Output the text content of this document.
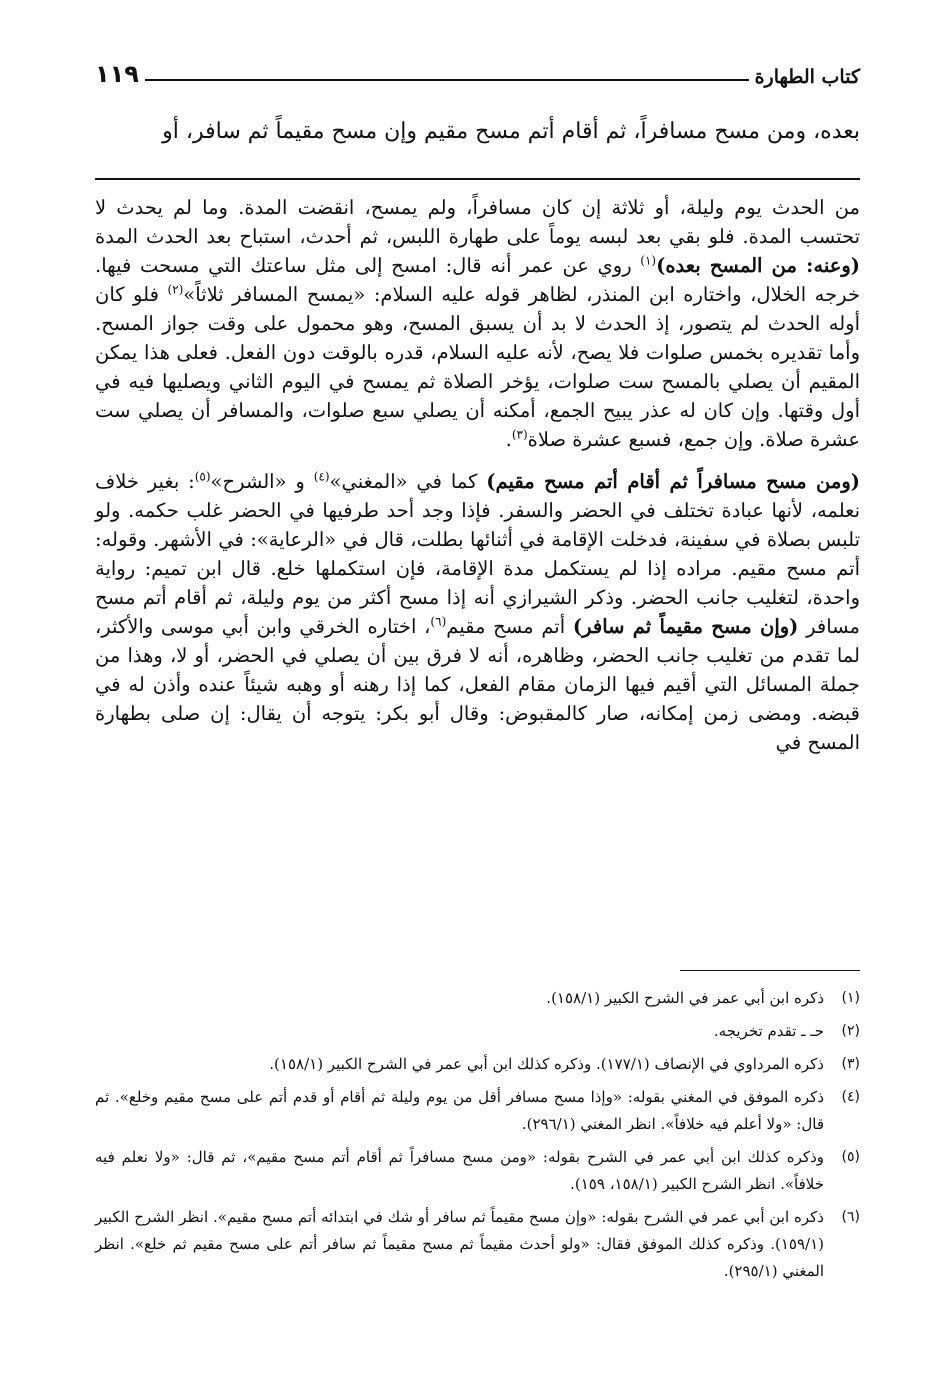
كتاب الطهارة
١١٩
بعده، ومن مسح مسافراً، ثم أقام أتم مسح مقيم وإن مسح مقيماً ثم سافر، أو

من الحدث يوم وليلة، أو ثلاثة إن كان مسافراً، ولم يمسح، انقضت المدة. وما لم يحدث لا تحتسب المدة. فلو بقي بعد لبسه يوماً على طهارة اللبس، ثم أحدث، استباح بعد الحدث المدة (وعنه: من المسح بعده)$^{(١)}$ روي عن عمر أنه قال: امسح إلى مثل ساعتك التي مسحت فيها. خرجه الخلال، واختاره ابن المنذر، لظاهر قوله عليه السلام: «يمسح المسافر ثلاثاً»$^{(٢)}$ فلو كان أوله الحدث لم يتصور، إذ الحدث لا بد أن يسبق المسح، وهو محمول على وقت جواز المسح. وأما تقديره بخمس صلوات فلا يصح، لأنه عليه السلام، قدره بالوقت دون الفعل. فعلى هذا يمكن المقيم أن يصلي بالمسح ست صلوات، يؤخر الصلاة ثم يمسح في اليوم الثاني ويصليها فيه في أول وقتها. وإن كان له عذر يبيح الجمع، أمكنه أن يصلي سبع صلوات، والمسافر أن يصلي ست عشرة صلاة. وإن جمع، فسبع عشرة صلاة$^{(٣)}$.

(ومن مسح مسافراً ثم أقام أتم مسح مقيم) كما في «المغني»$^{(٤)}$ و «الشرح»$^{(٥)}$: بغير خلاف نعلمه، لأنها عبادة تختلف في الحضر والسفر. فإذا وجد أحد طرفيها في الحضر غلب حكمه. ولو تلبس بصلاة في سفينة، فدخلت الإقامة في أثنائها بطلت، قال في «الرعاية»: في الأشهر. وقوله: أتم مسح مقيم. مراده إذا لم يستكمل مدة الإقامة، فإن استكملها خلع. قال ابن تميم: رواية واحدة، لتغليب جانب الحضر. وذكر الشيرازي أنه إذا مسح أكثر من يوم وليلة، ثم أقام أتم مسح مسافر (وإن مسح مقيماً ثم سافر) أتم مسح مقيم$^{(٦)}$، اختاره الخرقي وابن أبي موسى والأكثر، لما تقدم من تغليب جانب الحضر، وظاهره، أنه لا فرق بين أن يصلي في الحضر، أو لا، وهذا من جملة المسائل التي أقيم فيها الزمان مقام الفعل، كما إذا رهنه أو وهبه شيئاً عنده وأذن له في قبضه. ومضى زمن إمكانه، صار كالمقبوض: وقال أبو بكر: يتوجه أن يقال: إن صلى بطهارة المسح في

(١)
ذكره ابن أبي عمر في الشرح الكبير (١٥٨/١).
(٢)
حـ ـ تقدم تخريجه.
(٣)
ذكره المرداوي في الإنصاف (١٧٧/١). وذكره كذلك ابن أبي عمر في الشرح الكبير (١٥٨/١).
(٤)
ذكره الموفق في المغني بقوله: «وإذا مسح مسافر أقل من يوم وليلة ثم أقام أو قدم أتم على مسح مقيم وخلع». ثم قال: «ولا أعلم فيه خلافاً». انظر المغني (٢٩٦/١).
(٥)
وذكره كذلك ابن أبي عمر في الشرح بقوله: «ومن مسح مسافراً ثم أقام أتم مسح مقيم»، ثم قال: «ولا نعلم فيه خلافاً». انظر الشرح الكبير (١٥٨/١، ١٥٩).
(٦)
ذكره ابن أبي عمر في الشرح بقوله: «وإن مسح مقيماً ثم سافر أو شك في ابتدائه أتم مسح مقيم». انظر الشرح الكبير (١٥٩/١). وذكره كذلك الموفق فقال: «ولو أحدث مقيماً ثم مسح مقيماً ثم سافر أتم على مسح مقيم ثم خلع». انظر المغني (٢٩٥/١).
